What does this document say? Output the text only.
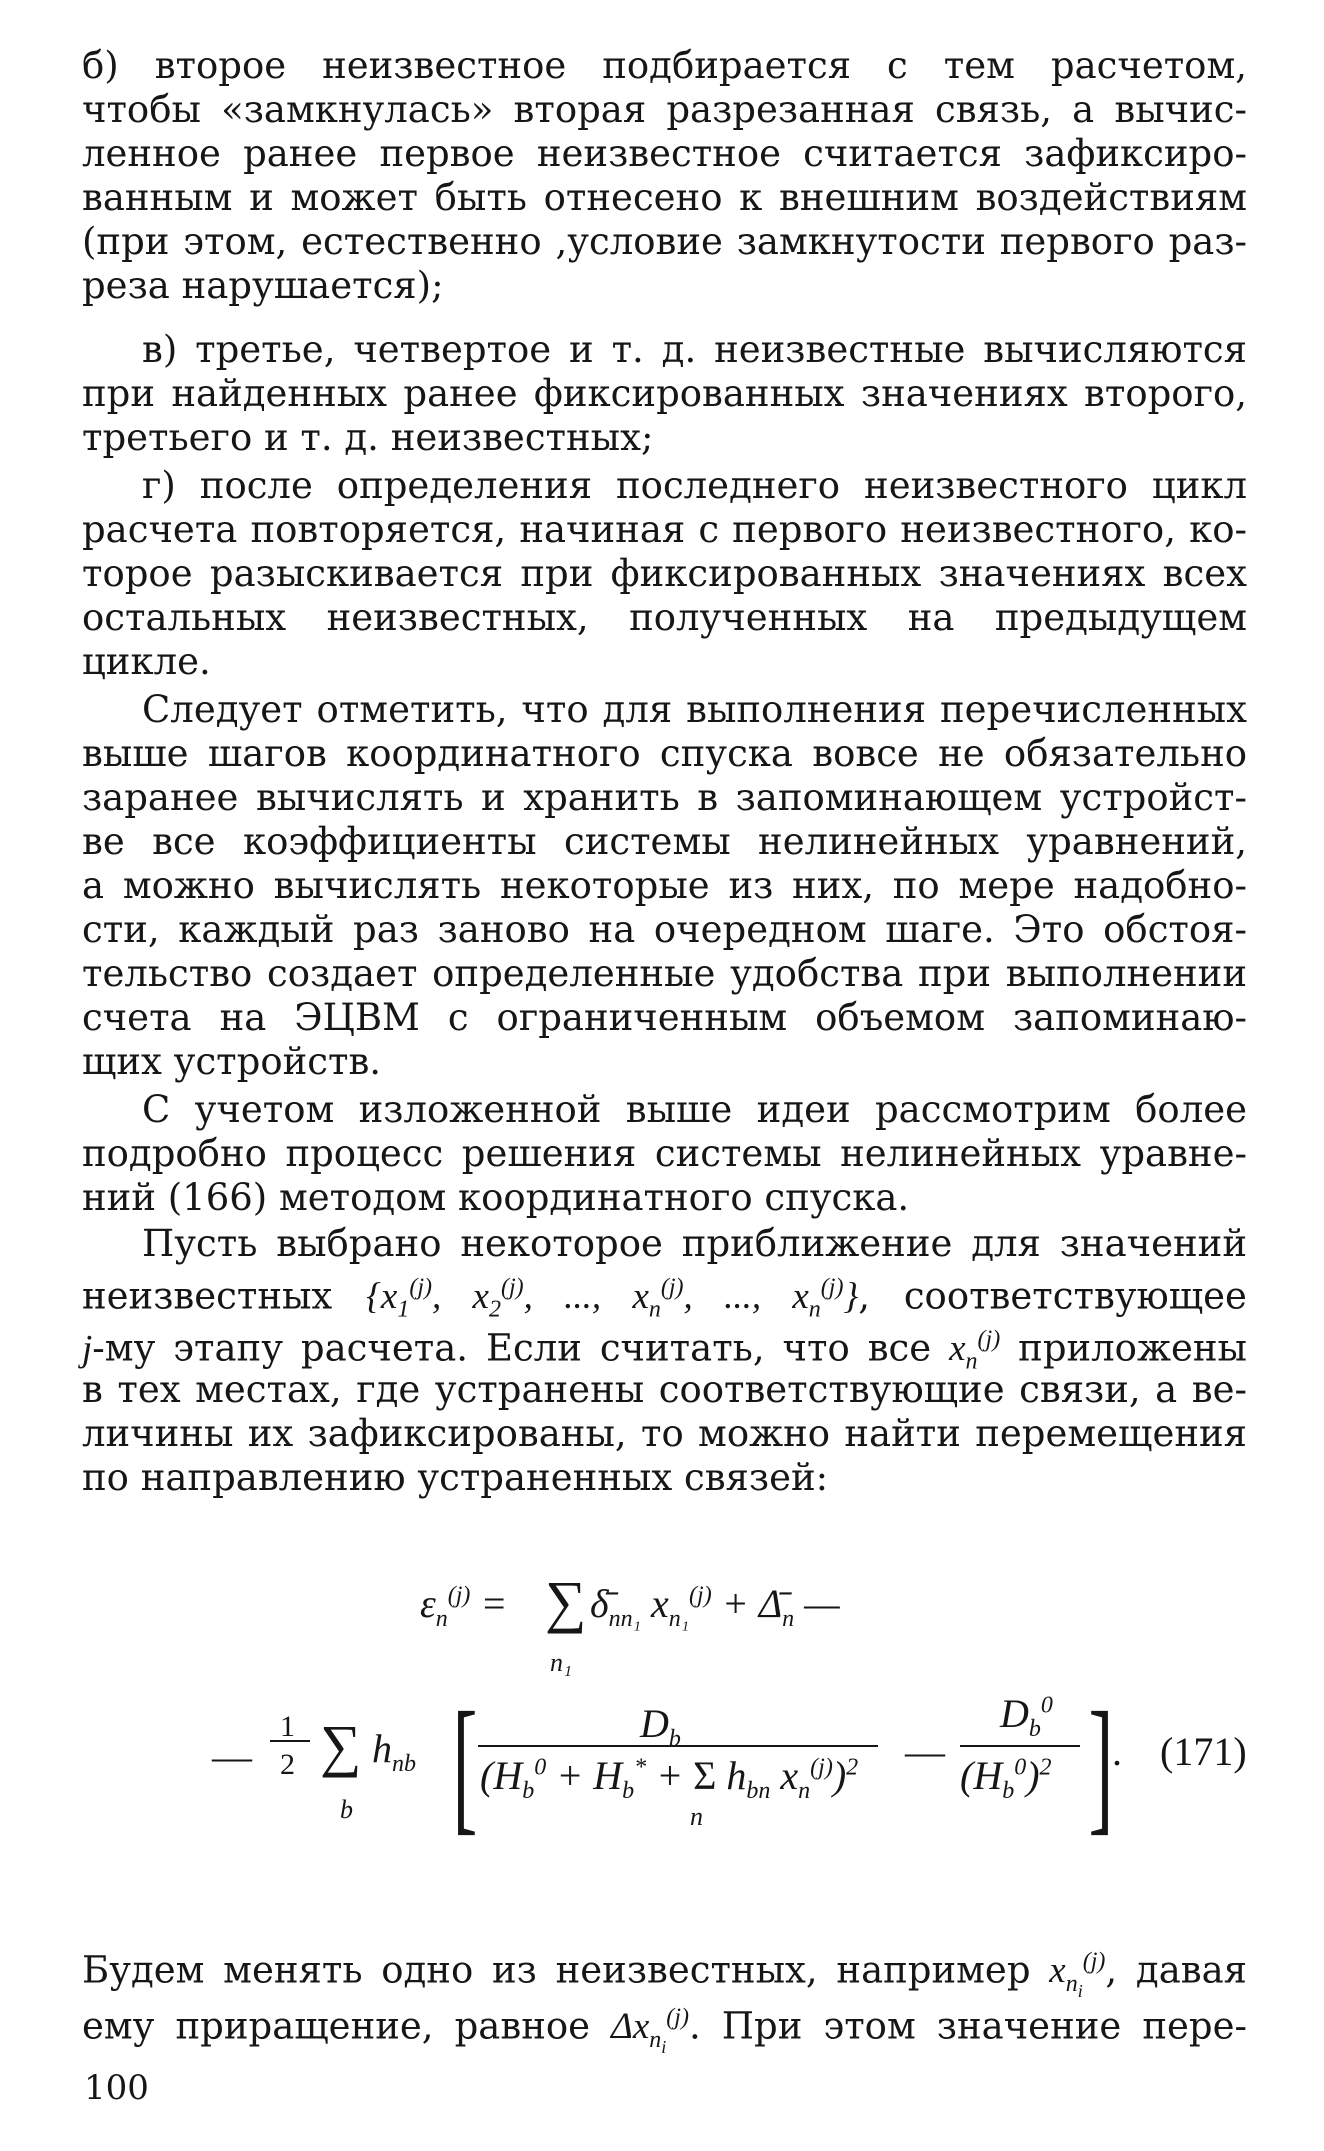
б) второе неизвестное подбирается с тем расчетом,
чтобы «замкнулась» вторая разрезанная связь, а вычис-
ленное ранее первое неизвестное считается зафиксиро-
ванным и может быть отнесено к внешним воздействиям
(при этом, естественно ,условие замкнутости первого раз-
реза нарушается);
в) третье, четвертое и т. д. неизвестные вычисляются
при найденных ранее фиксированных значениях второго,
третьего и т. д. неизвестных;
г) после определения последнего неизвестного цикл
расчета повторяется, начиная с первого неизвестного, ко-
торое разыскивается при фиксированных значениях всех
остальных неизвестных, полученных на предыдущем
цикле.
Следует отметить, что для выполнения перечисленных
выше шагов координатного спуска вовсе не обязательно
заранее вычислять и хранить в запоминающем устройст-
ве все коэффициенты системы нелинейных уравнений,
а можно вычислять некоторые из них, по мере надобно-
сти, каждый раз заново на очередном шаге. Это обстоя-
тельство создает определенные удобства при выполнении
счета на ЭЦВМ с ограниченным объемом запоминаю-
щих устройств.
С учетом изложенной выше идеи рассмотрим более
подробно процесс решения системы нелинейных уравне-
ний (166) методом координатного спуска.
Пусть выбрано некоторое приближение для значений
неизвестных {$x_1^{(j)}$, $x_2^{(j)}$, ..., $x_n^{(j)}$, ..., $x_n^{(j)}$}, соответствующее
j-му этапу расчета. Если считать, что все $x_n^{(j)}$ приложены
в тех местах, где устранены соответствующие связи, а ве-
личины их зафиксированы, то можно найти перемещения
по направлению устраненных связей:
$\varepsilon_n^{(j)}$ = ∑ $\deltā_{nn_1}$ $x_{n_1}^{(j)}$ + $\Deltā_n$ —
n₁
—
1
2 ∑
b
$h_{nb}$ [	$D_b$
($H_b^0 + H_b^* + \Sigma$ $h_{bn}$ $x_n^{(j)})^2$
n
—
$D_b^0$
$(H_b^0)^2$ ]
. (171)
Будем менять одно из неизвестных, например $x_{n_i}^{(j)}$, давая
ему приращение, равное $\Delta x_{n_i}^{(j)}$. При этом значение пере-
100
